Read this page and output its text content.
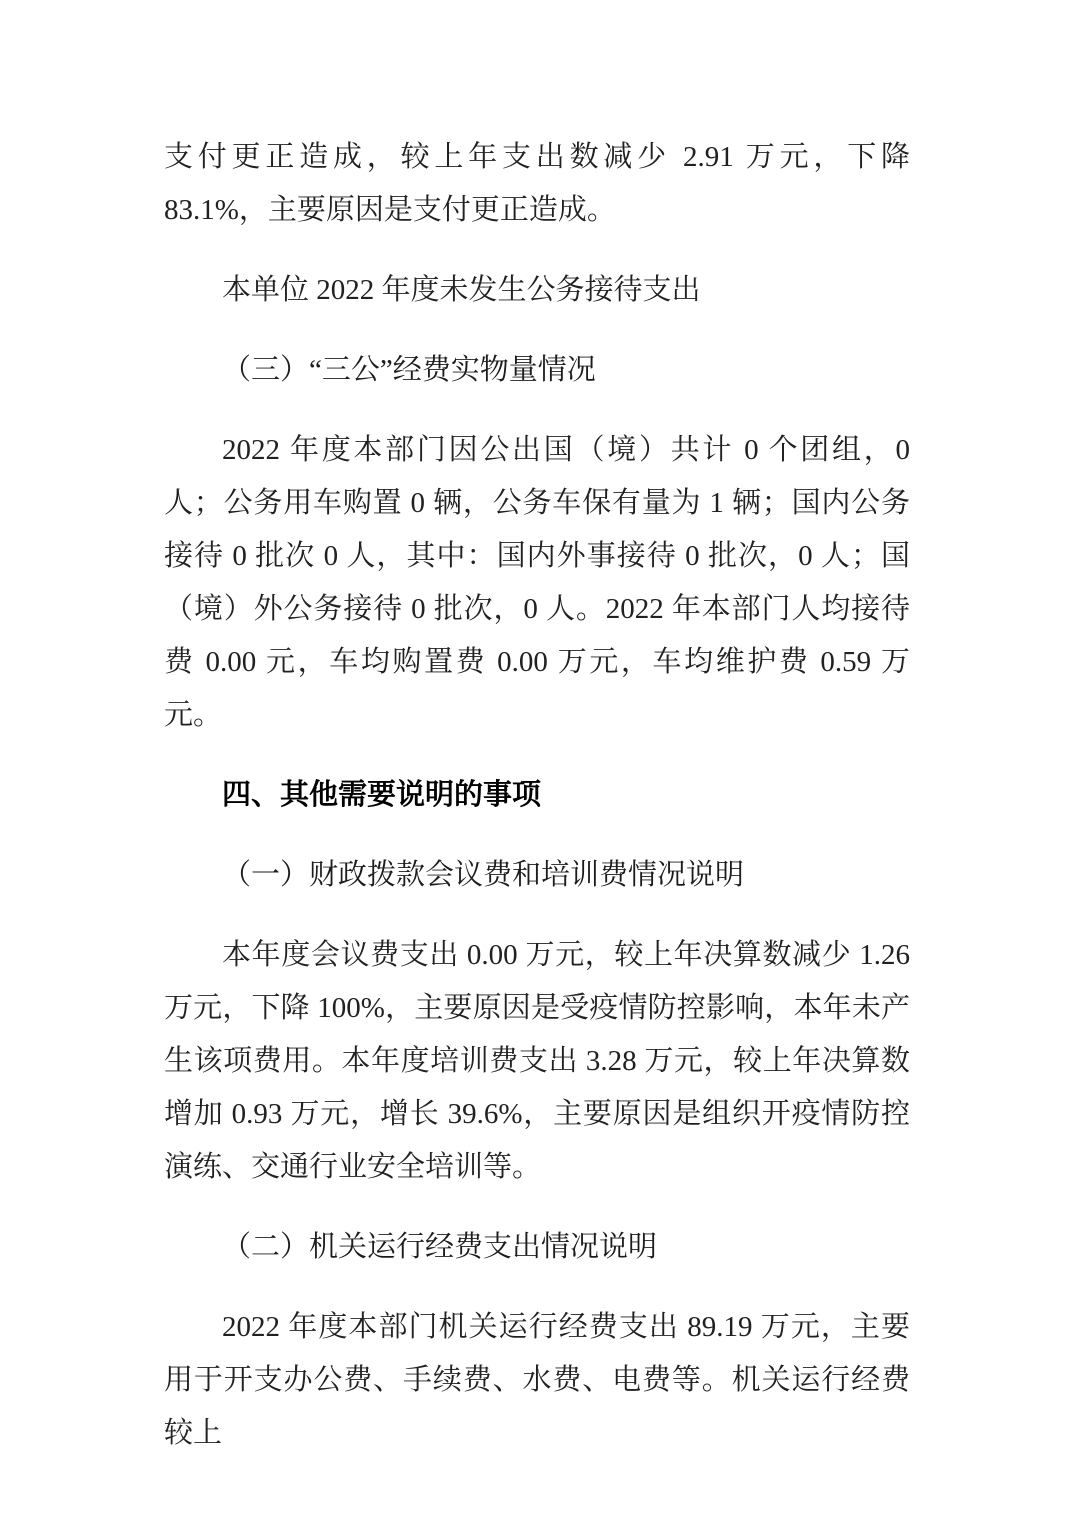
支付更正造成，较上年支出数减少 2.91 万元，下降 83.1%，主要原因是支付更正造成。

本单位 2022 年度未发生公务接待支出

（三）“三公”经费实物量情况

2022 年度本部门因公出国（境）共计 0 个团组，0 人；公务用车购置 0 辆，公务车保有量为 1 辆；国内公务接待 0 批次 0 人，其中：国内外事接待 0 批次，0 人；国（境）外公务接待 0 批次，0 人。2022 年本部门人均接待费 0.00 元，车均购置费 0.00 万元，车均维护费 0.59 万元。

四、其他需要说明的事项

（一）财政拨款会议费和培训费情况说明

本年度会议费支出 0.00 万元，较上年决算数减少 1.26 万元，下降 100%，主要原因是受疫情防控影响，本年未产生该项费用。本年度培训费支出 3.28 万元，较上年决算数增加 0.93 万元，增长 39.6%，主要原因是组织开疫情防控演练、交通行业安全培训等。

（二）机关运行经费支出情况说明

2022 年度本部门机关运行经费支出 89.19 万元，主要用于开支办公费、手续费、水费、电费等。机关运行经费较上
